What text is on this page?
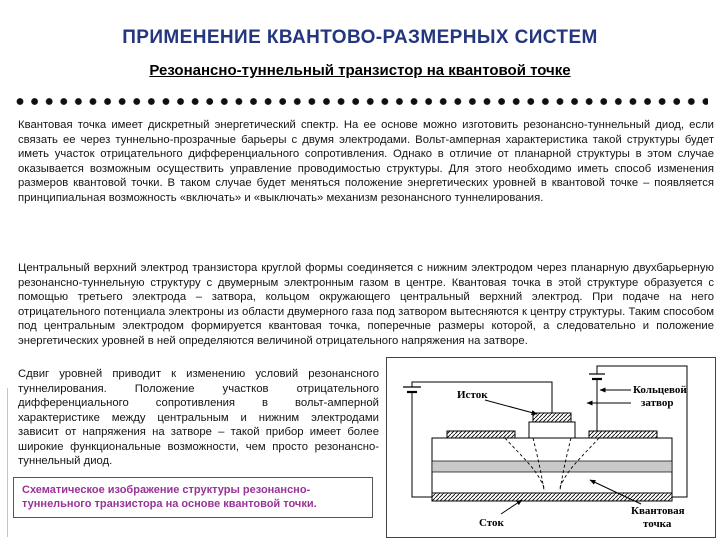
ПРИМЕНЕНИЕ КВАНТОВО-РАЗМЕРНЫХ СИСТЕМ
Резонансно-туннельный транзистор на квантовой точке

Квантовая точка имеет дискретный энергетический спектр. На ее основе можно изготовить резонансно-туннельный диод, если связать ее через туннельно-прозрачные барьеры с двумя электродами. Вольт-амперная характеристика такой структуры будет иметь участок отрицательного дифференциального сопротивления. Однако в отличие от планарной структуры в этом случае оказывается возможным осуществить управление проводимостью структуры. Для этого необходимо иметь способ изменения размеров квантовой точки. В таком случае будет меняться положение энергетических уровней в квантовой точке – появляется принципиальная возможность «включать» и «выключать» механизм резонансного туннелирования.

Центральный верхний электрод транзистора круглой формы соединяется с нижним электродом через планарную двухбарьерную резонансно-туннельную структуру с двумерным электронным газом в центре. Квантовая точка в этой структуре образуется с помощью третьего электрода – затвора, кольцом окружающего центральный верхний электрод. При подаче на него отрицательного потенциала электроны из области двумерного газа под затвором вытесняются к центру структуры. Таким способом под центральным электродом формируется квантовая точка, поперечные размеры которой, а следовательно и положение энергетических уровней в ней определяются величиной отрицательного напряжения на затворе.

Сдвиг уровней приводит к изменению условий резонансного туннелирования. Положение участков отрицательного дифференциального сопротивления в вольт-амперной характеристике между центральным и нижним электродами зависит от напряжения на затворе – такой прибор имеет более широкие функциональные возможности, чем просто резонансно-туннельный диод.

Схематическое изображение структуры резонансно-туннельного транзистора на основе квантовой точки.
Исток	Кольцевой
затвор
Квантовая
точка
Сток
